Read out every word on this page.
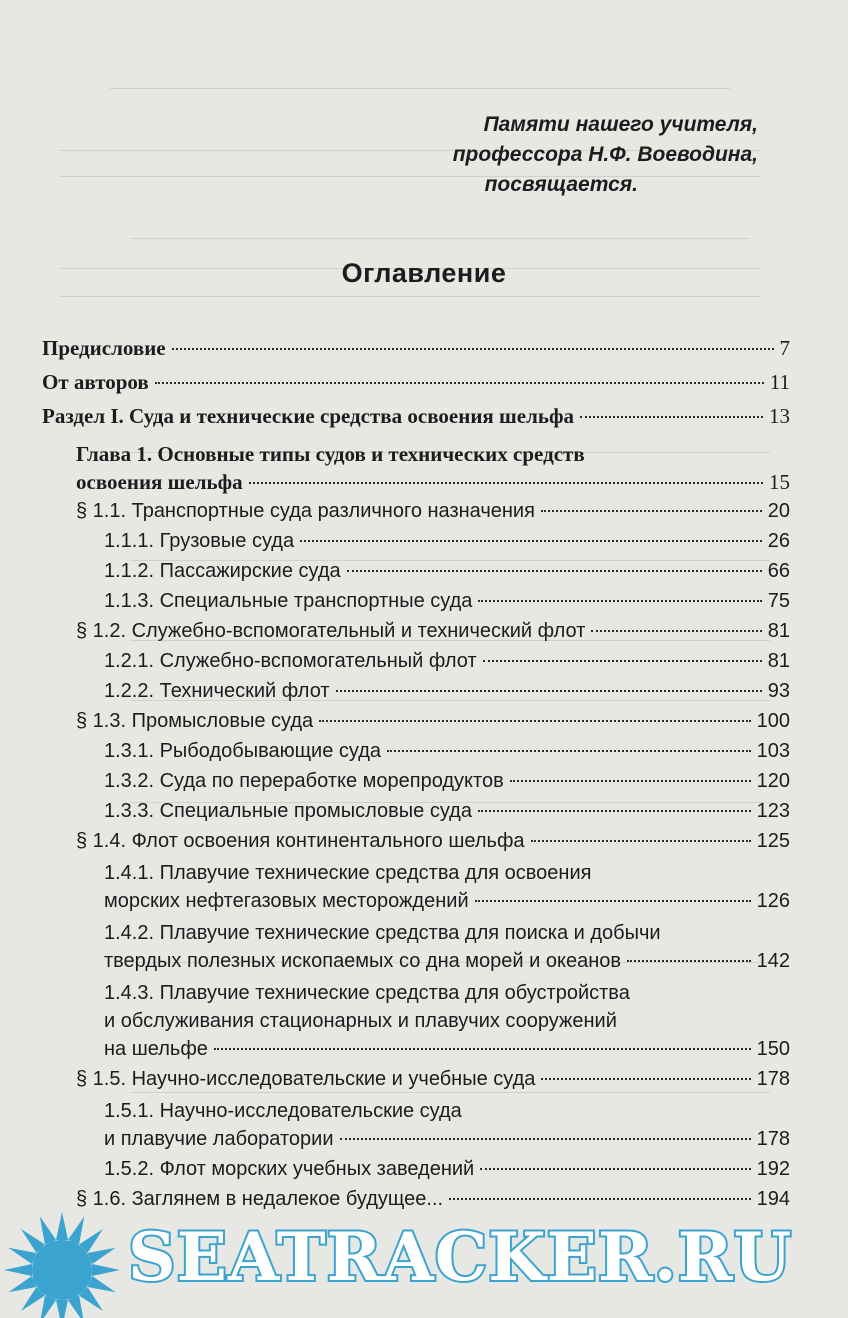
Памяти нашего учителя,
профессора Н.Ф. Воеводина,
посвящается.
Оглавление
Предисловие	7
От авторов	11
Раздел I. Суда и технические средства освоения шельфа	13
Глава 1. Основные типы судов и технических средств
освоения шельфа	15
§ 1.1. Транспортные суда различного назначения	20
1.1.1. Грузовые суда	26
1.1.2. Пассажирские суда	66
1.1.3. Специальные транспортные суда	75
§ 1.2. Служебно-вспомогательный и технический флот	81
1.2.1. Служебно-вспомогательный флот	81
1.2.2. Технический флот	93
§ 1.3. Промысловые суда	100
1.3.1. Рыбодобывающие суда	103
1.3.2. Суда по переработке морепродуктов	120
1.3.3. Специальные промысловые суда	123
§ 1.4. Флот освоения континентального шельфа	125
1.4.1. Плавучие технические средства для освоения
морских нефтегазовых месторождений	126
1.4.2. Плавучие технические средства для поиска и добычи
твердых полезных ископаемых со дна морей и океанов	142
1.4.3. Плавучие технические средства для обустройства
и обслуживания стационарных и плавучих сооружений
на шельфе	150
§ 1.5. Научно-исследовательские и учебные суда	178
1.5.1. Научно-исследовательские суда
и плавучие лаборатории	178
1.5.2. Флот морских учебных заведений	192
§ 1.6. Заглянем в недалекое будущее...	194
SEATRACKER.RU
